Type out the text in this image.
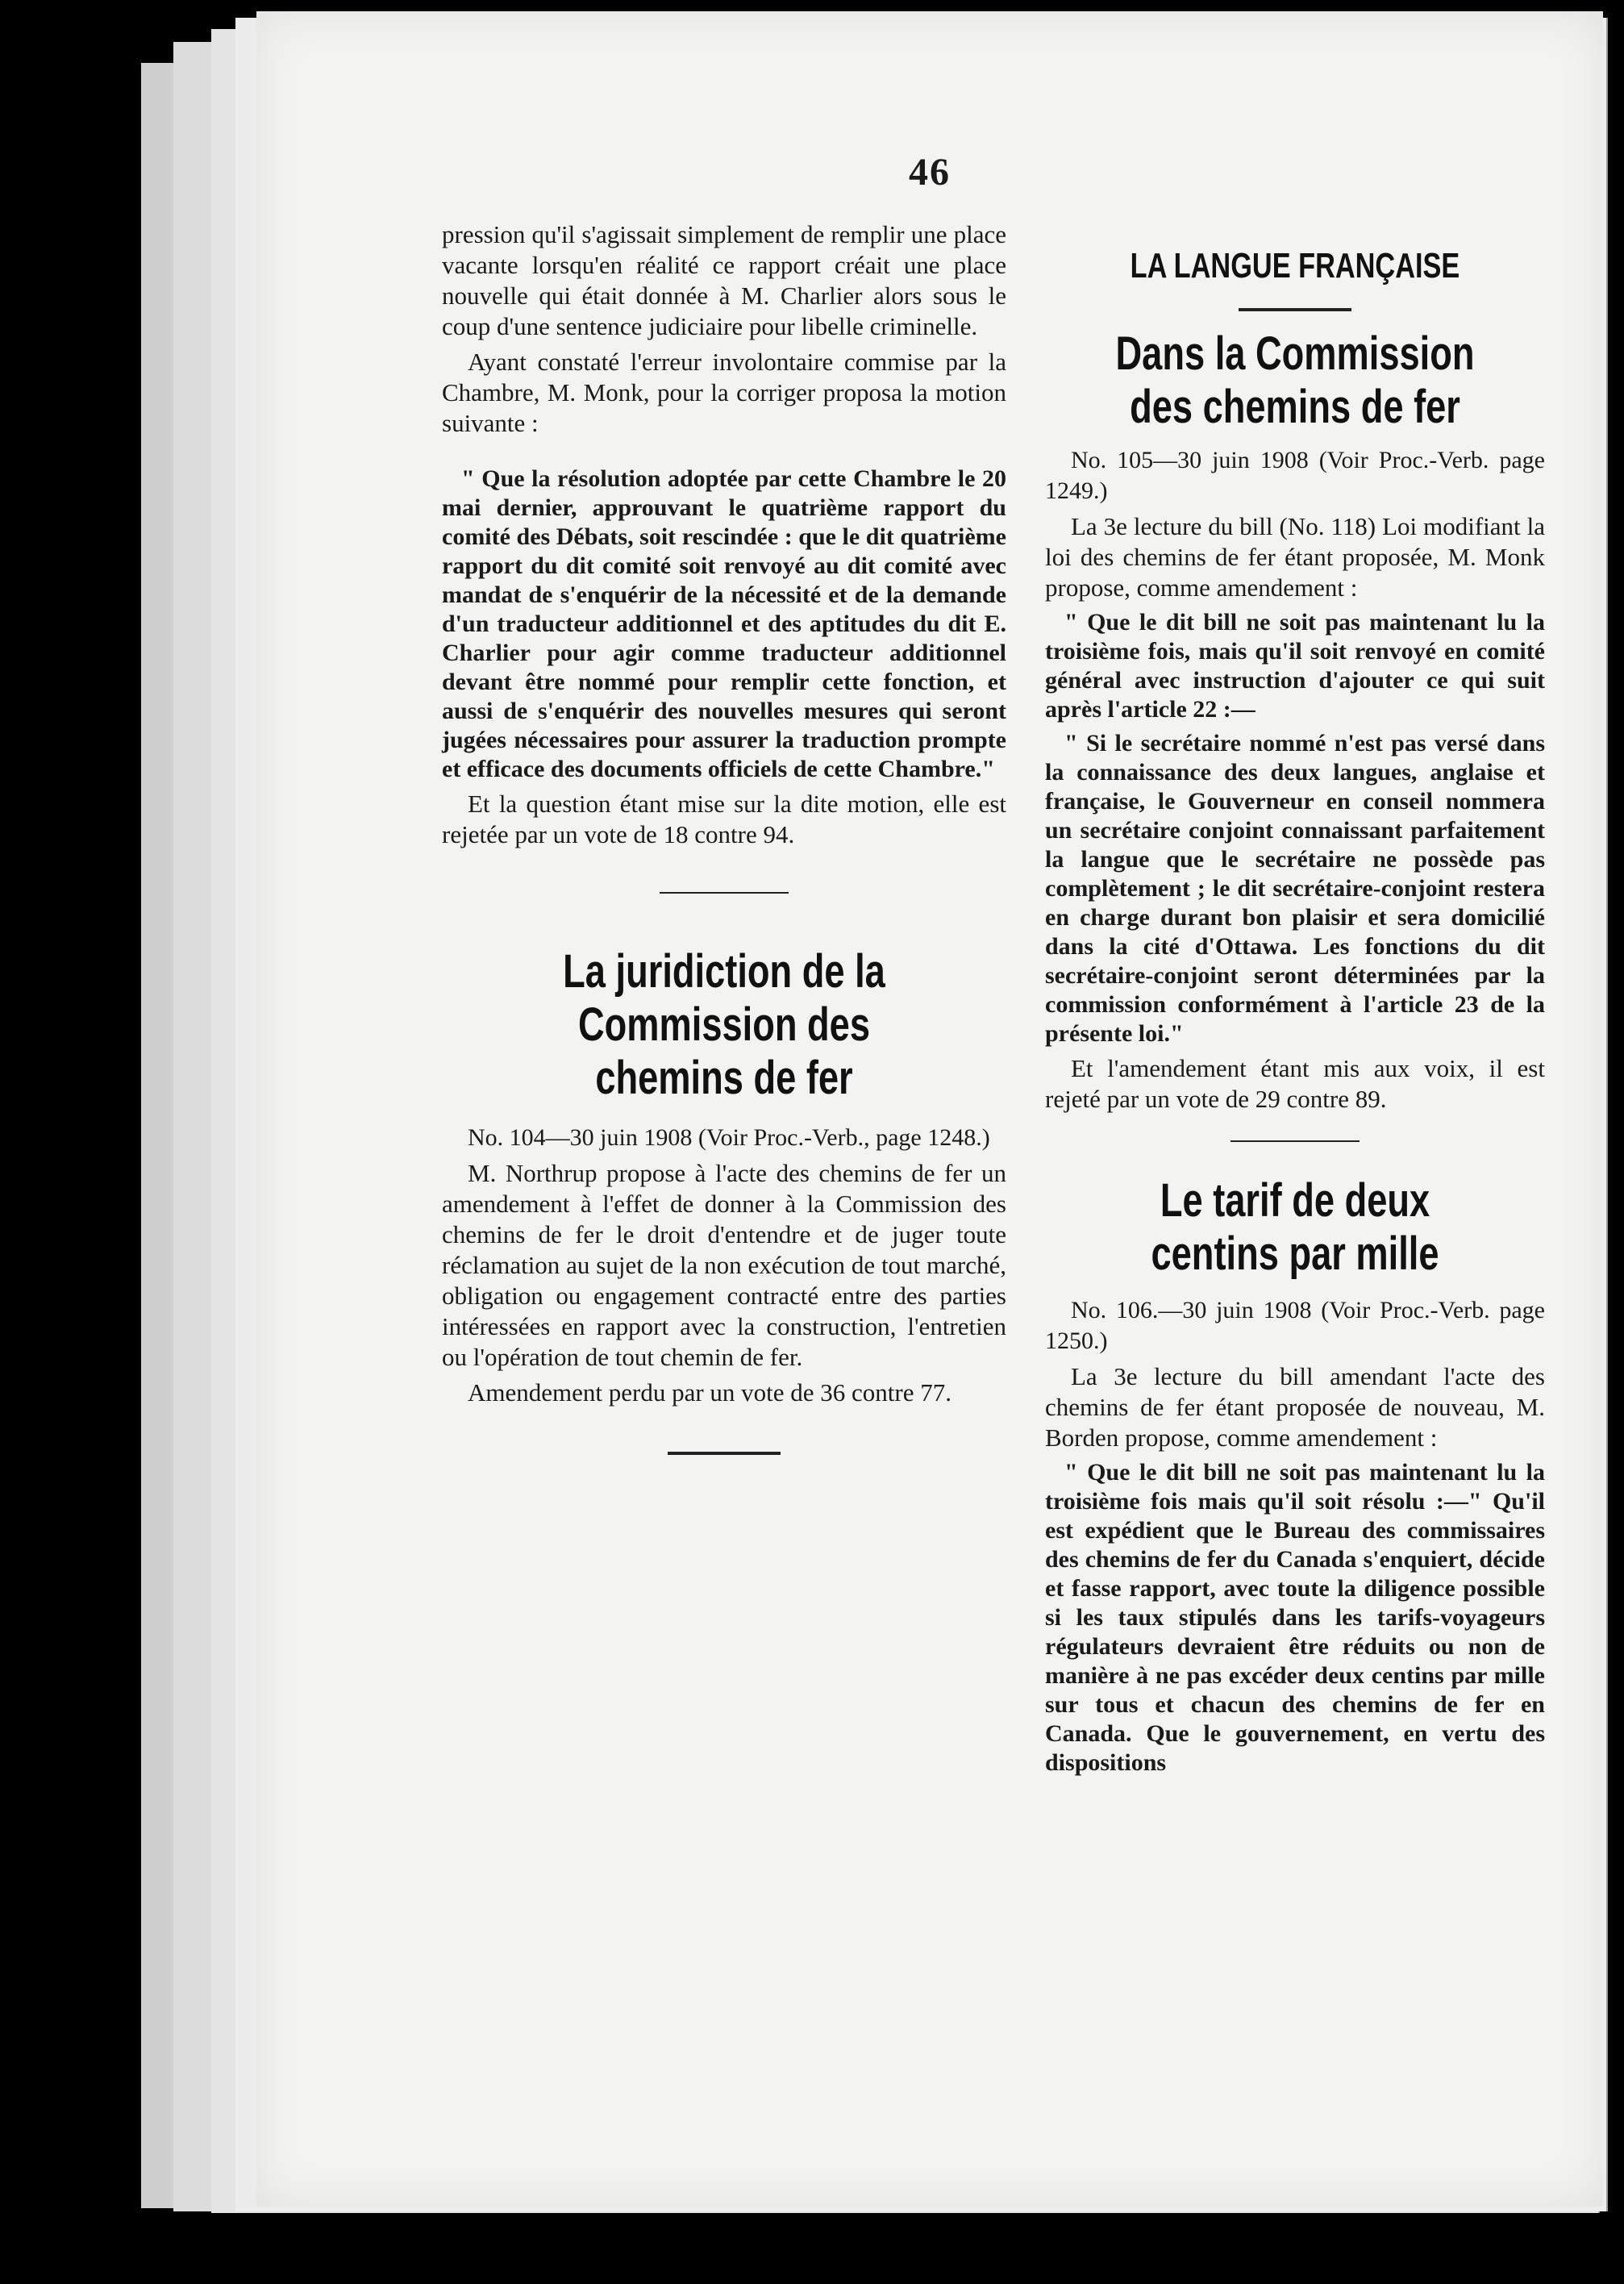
46

pression qu'il s'agissait simplement de remplir une place vacante lorsqu'en réalité ce rapport créait une place nouvelle qui était donnée à M. Charlier alors sous le coup d'une sentence judiciaire pour libelle criminelle.

Ayant constaté l'erreur involontaire commise par la Chambre, M. Monk, pour la corriger proposa la motion suivante :

" Que la résolution adoptée par cette Chambre le 20 mai dernier, approuvant le quatrième rapport du comité des Débats, soit rescindée : que le dit quatrième rapport du dit comité soit renvoyé au dit comité avec mandat de s'enquérir de la nécessité et de la demande d'un traducteur additionnel et des aptitudes du dit E. Charlier pour agir comme traducteur additionnel devant être nommé pour remplir cette fonction, et aussi de s'enquérir des nouvelles mesures qui seront jugées nécessaires pour assurer la traduction prompte et efficace des documents officiels de cette Chambre."

Et la question étant mise sur la dite motion, elle est rejetée par un vote de 18 contre 94.

La juridiction de la Commission des chemins de fer

No. 104—30 juin 1908 (Voir Proc.-Verb., page 1248.)

M. Northrup propose à l'acte des chemins de fer un amendement à l'effet de donner à la Commission des chemins de fer le droit d'entendre et de juger toute réclamation au sujet de la non exécution de tout marché, obligation ou engagement contracté entre des parties intéressées en rapport avec la construction, l'entretien ou l'opération de tout chemin de fer.

Amendement perdu par un vote de 36 contre 77.

LA LANGUE FRANÇAISE
Dans la Commission des chemins de fer

No. 105—30 juin 1908 (Voir Proc.-Verb. page 1249.)

La 3e lecture du bill (No. 118) Loi modifiant la loi des chemins de fer étant proposée, M. Monk propose, comme amendement :

" Que le dit bill ne soit pas maintenant lu la troisième fois, mais qu'il soit renvoyé en comité général avec instruction d'ajouter ce qui suit après l'article 22 :—

" Si le secrétaire nommé n'est pas versé dans la connaissance des deux langues, anglaise et française, le Gouverneur en conseil nommera un secrétaire conjoint connaissant parfaitement la langue que le secrétaire ne possède pas complètement ; le dit secrétaire-conjoint restera en charge durant bon plaisir et sera domicilié dans la cité d'Ottawa. Les fonctions du dit secrétaire-conjoint seront déterminées par la commission conformément à l'article 23 de la présente loi."

Et l'amendement étant mis aux voix, il est rejeté par un vote de 29 contre 89.

Le tarif de deux centins par mille

No. 106.—30 juin 1908 (Voir Proc.-Verb. page 1250.)

La 3e lecture du bill amendant l'acte des chemins de fer étant proposée de nouveau, M. Borden propose, comme amendement :

" Que le dit bill ne soit pas maintenant lu la troisième fois mais qu'il soit résolu :—" Qu'il est expédient que le Bureau des commissaires des chemins de fer du Canada s'enquiert, décide et fasse rapport, avec toute la diligence possible si les taux stipulés dans les tarifs-voyageurs régulateurs devraient être réduits ou non de manière à ne pas excéder deux centins par mille sur tous et chacun des chemins de fer en Canada. Que le gouvernement, en vertu des dispositions
